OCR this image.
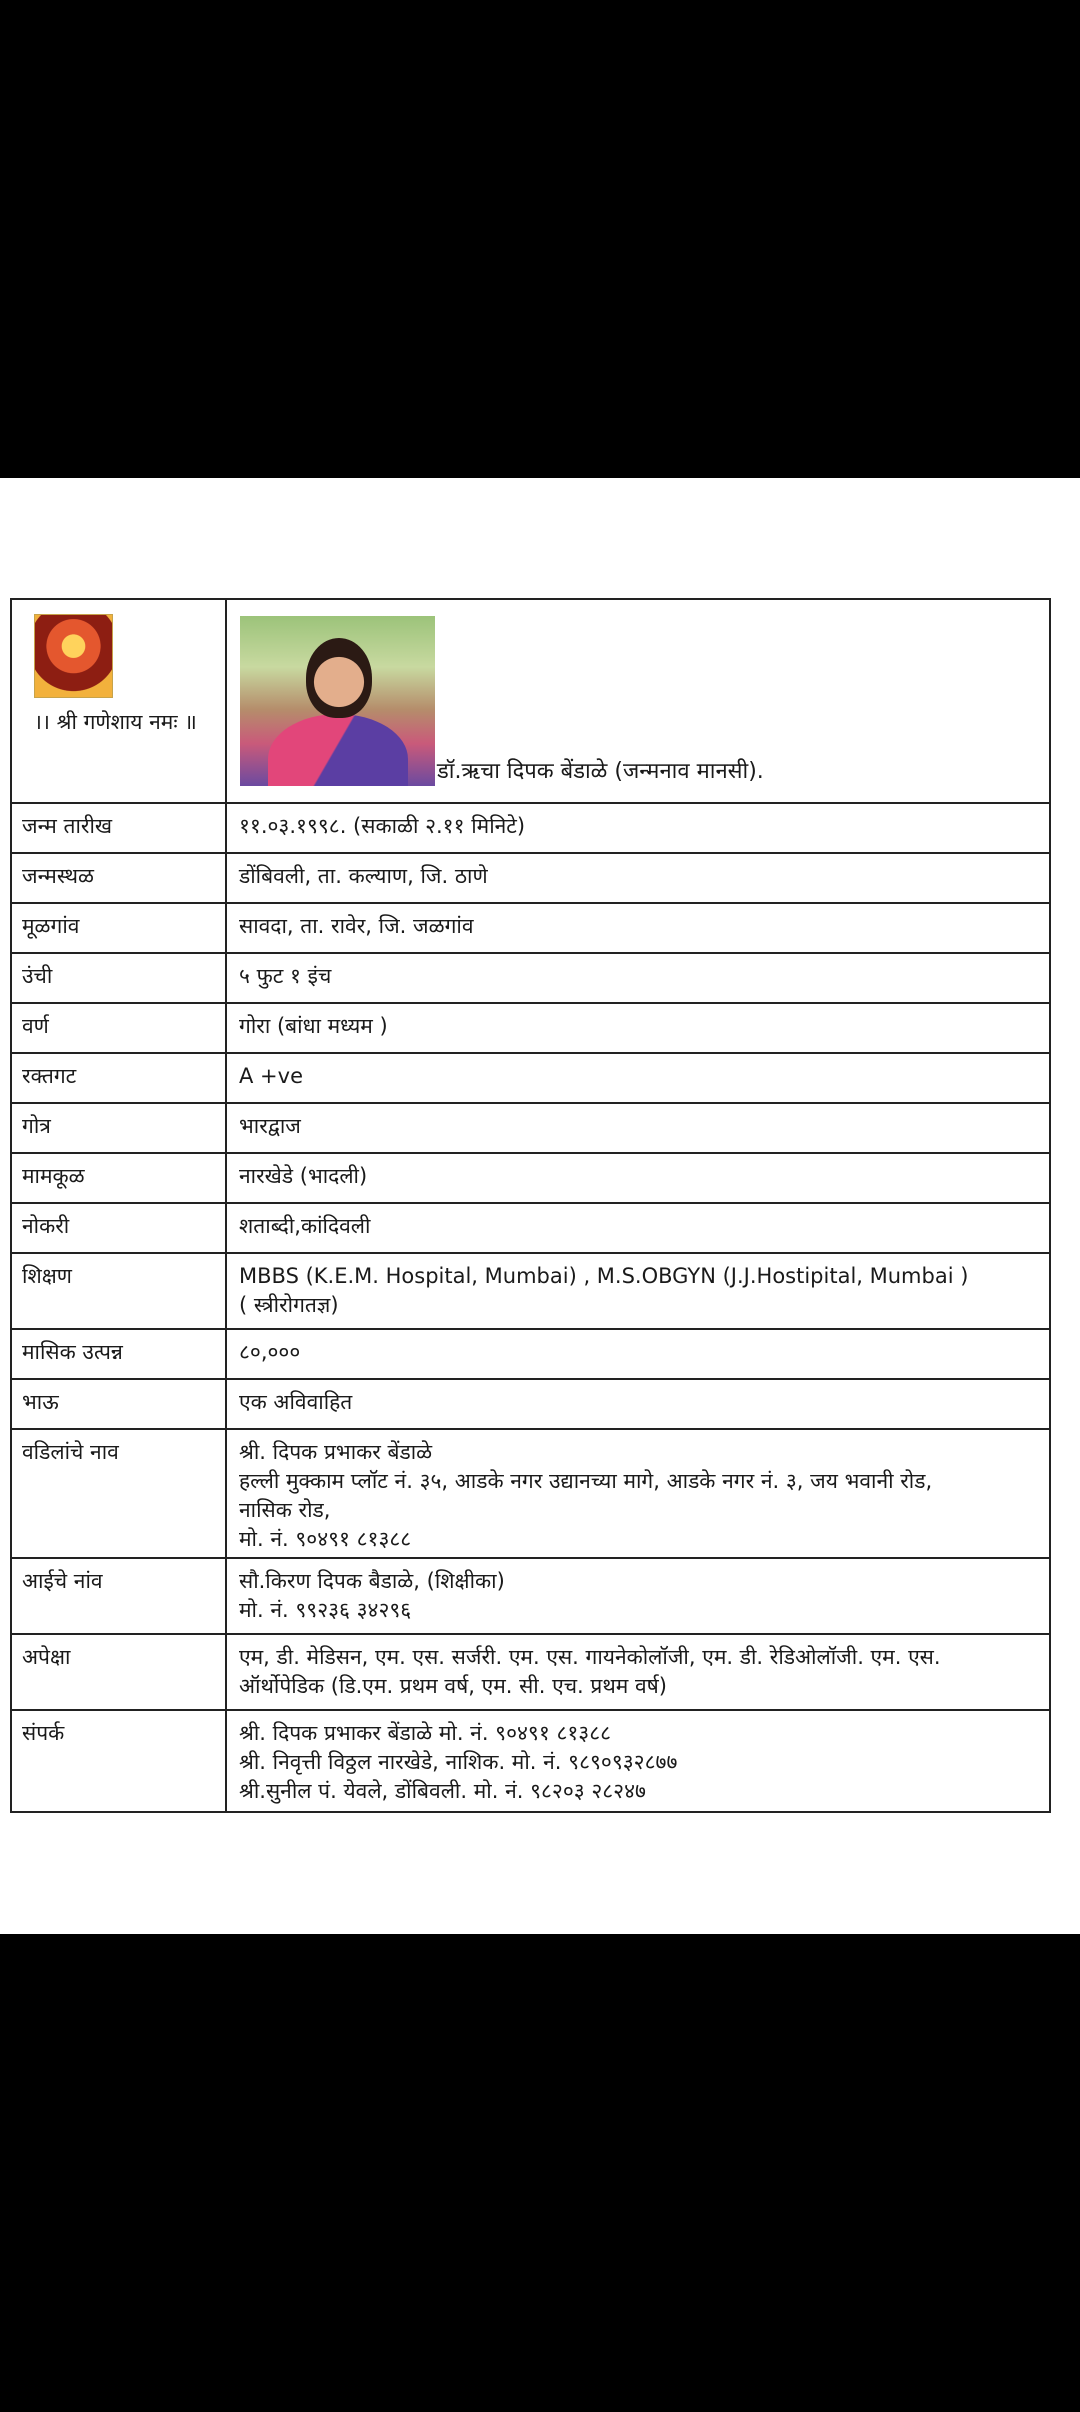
।। श्री गणेशाय नमः ॥	डॉ.ऋचा दिपक बेंडाळे (जन्मनाव मानसी).

जन्म तारीख	११.०३.१९९८. (सकाळी २.११ मिनिटे)
जन्मस्थळ	डोंबिवली, ता. कल्याण, जि. ठाणे
मूळगांव	सावदा, ता. रावेर, जि. जळगांव
उंची	५ फुट १ इंच
वर्ण	गोरा (बांधा मध्यम )
रक्तगट	A +ve
गोत्र	भारद्वाज
मामकूळ	नारखेडे (भादली)
नोकरी	शताब्दी,कांदिवली
शिक्षण	MBBS (K.E.M. Hospital, Mumbai) , M.S.OBGYN (J.J.Hostipital, Mumbai )
( स्त्रीरोगतज्ञ)
मासिक उत्पन्न	८०,०००
भाऊ	एक अविवाहित
वडिलांचे नाव	श्री. दिपक प्रभाकर बेंडाळे
हल्ली मुक्काम प्लॉट नं. ३५, आडके नगर उद्यानच्या मागे, आडके नगर नं. ३, जय भवानी रोड,
नासिक रोड,
मो. नं. ९०४९१ ८१३८८
आईचे नांव	सौ.किरण दिपक बैडाळे, (शिक्षीका)
मो. नं. ९९२३६ ३४२९६
अपेक्षा	एम, डी. मेडिसन, एम. एस. सर्जरी. एम. एस. गायनेकोलॉजी, एम. डी. रेडिओलॉजी. एम. एस.
ऑर्थोपेडिक (डि.एम. प्रथम वर्ष, एम. सी. एच. प्रथम वर्ष)
संपर्क	श्री. दिपक प्रभाकर बेंडाळे मो. नं. ९०४९१ ८१३८८
श्री. निवृत्ती विठ्ठल नारखेडे, नाशिक. मो. नं. ९८९०९३२८७७
श्री.सुनील पं. येवले, डोंबिवली. मो. नं. ९८२०३ २८२४७
